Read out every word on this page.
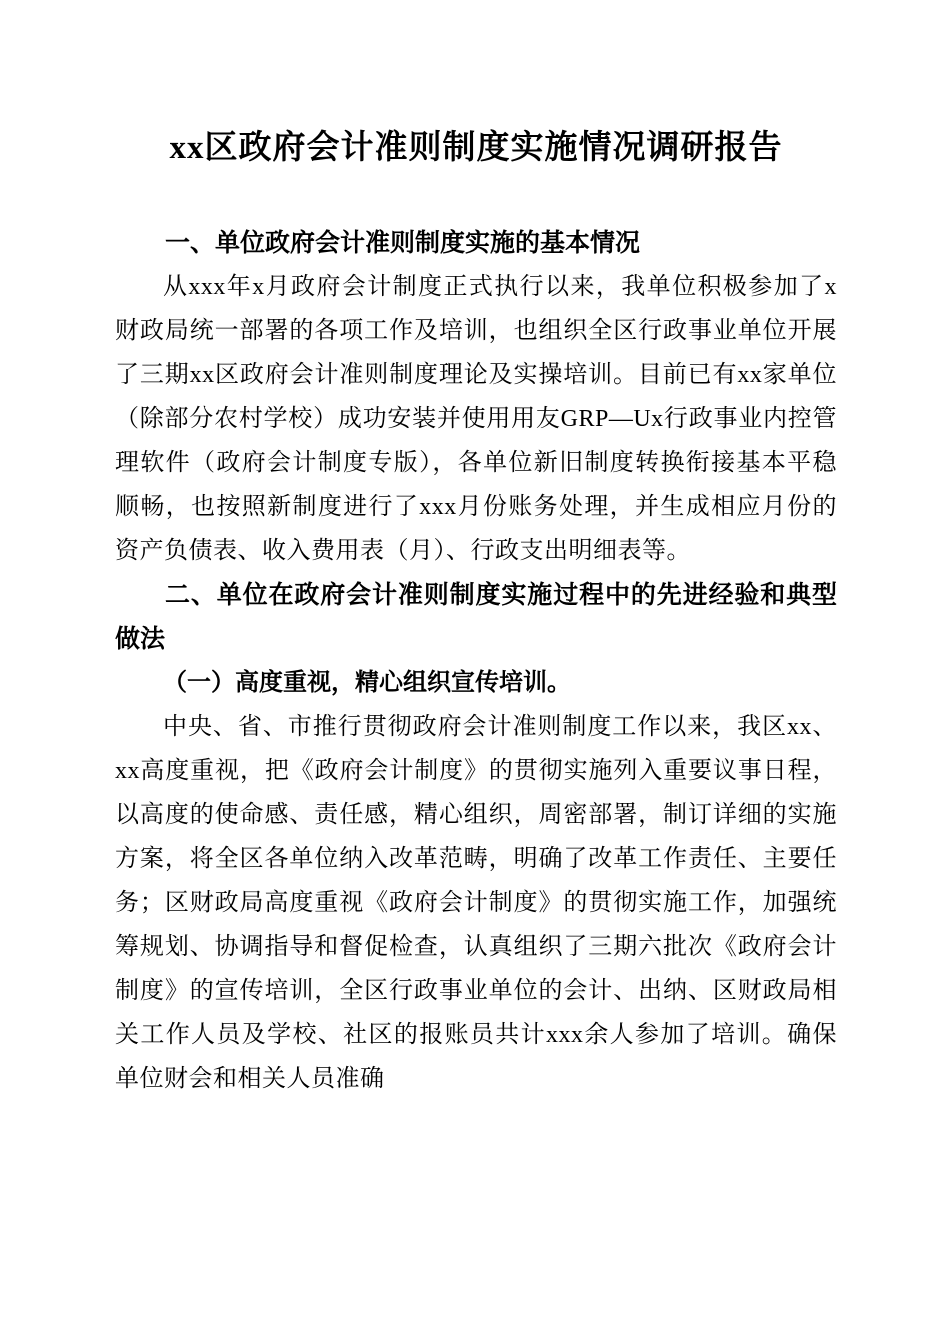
xx区政府会计准则制度实施情况调研报告
一、单位政府会计准则制度实施的基本情况

从xxx年x月政府会计制度正式执行以来，我单位积极参加了x财政局统一部署的各项工作及培训，也组织全区行政事业单位开展了三期xx区政府会计准则制度理论及实操培训。目前已有xx家单位（除部分农村学校）成功安装并使用用友GRP—Ux行政事业内控管理软件（政府会计制度专版），各单位新旧制度转换衔接基本平稳顺畅，也按照新制度进行了xxx月份账务处理，并生成相应月份的资产负债表、收入费用表（月）、行政支出明细表等。

二、单位在政府会计准则制度实施过程中的先进经验和典型做法
（一）高度重视，精心组织宣传培训。

中央、省、市推行贯彻政府会计准则制度工作以来，我区xx、xx高度重视，把《政府会计制度》的贯彻实施列入重要议事日程，以高度的使命感、责任感，精心组织，周密部署，制订详细的实施方案，将全区各单位纳入改革范畴，明确了改革工作责任、主要任务；区财政局高度重视《政府会计制度》的贯彻实施工作，加强统筹规划、协调指导和督促检查，认真组织了三期六批次《政府会计制度》的宣传培训，全区行政事业单位的会计、出纳、区财政局相关工作人员及学校、社区的报账员共计xxx余人参加了培训。确保单位财会和相关人员准确
